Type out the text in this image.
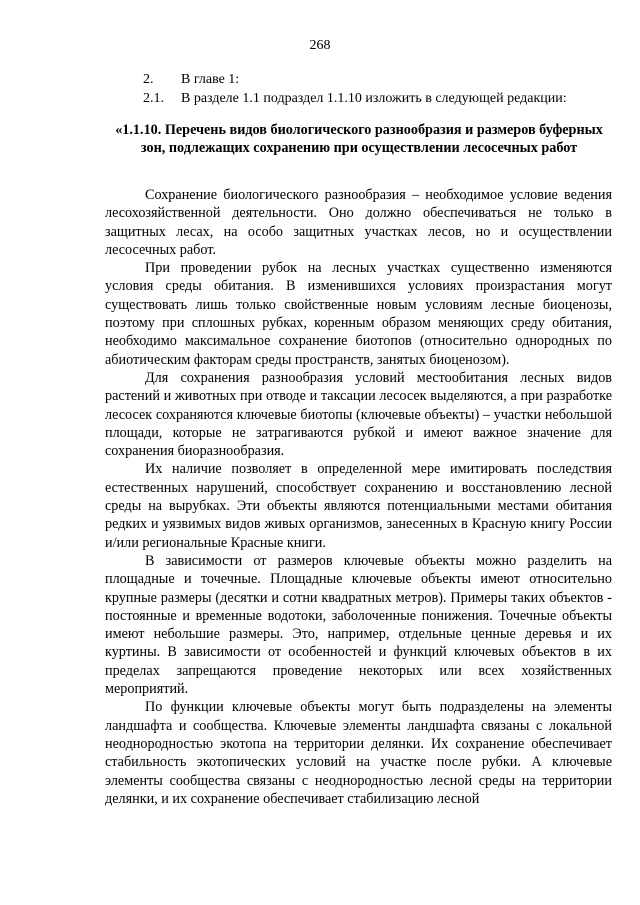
268
2. В главе 1:
2.1. В разделе 1.1 подраздел 1.1.10 изложить в следующей редакции:
«1.1.10. Перечень видов биологического разнообразия и размеров буферных зон, подлежащих сохранению при осуществлении лесосечных работ

Сохранение биологического разнообразия – необходимое условие ведения лесохозяйственной деятельности. Оно должно обеспечиваться не только в защитных лесах, на особо защитных участках лесов, но и осуществлении лесосечных работ.

При проведении рубок на лесных участках существенно изменяются условия среды обитания. В изменившихся условиях произрастания могут существовать лишь только свойственные новым условиям лесные биоценозы, поэтому при сплошных рубках, коренным образом меняющих среду обитания, необходимо максимальное сохранение биотопов (относительно однородных по абиотическим факторам среды пространств, занятых биоценозом).

Для сохранения разнообразия условий местообитания лесных видов растений и животных при отводе и таксации лесосек выделяются, а при разработке лесосек сохраняются ключевые биотопы (ключевые объекты) – участки небольшой площади, которые не затрагиваются рубкой и имеют важное значение для сохранения биоразнообразия.

Их наличие позволяет в определенной мере имитировать последствия естественных нарушений, способствует сохранению и восстановлению лесной среды на вырубках. Эти объекты являются потенциальными местами обитания редких и уязвимых видов живых организмов, занесенных в Красную книгу России и/или региональные Красные книги.

В зависимости от размеров ключевые объекты можно разделить на площадные и точечные. Площадные ключевые объекты имеют относительно крупные размеры (десятки и сотни квадратных метров). Примеры таких объектов - постоянные и временные водотоки, заболоченные понижения. Точечные объекты имеют небольшие размеры. Это, например, отдельные ценные деревья и их куртины. В зависимости от особенностей и функций ключевых объектов в их пределах запрещаются проведение некоторых или всех хозяйственных мероприятий.

По функции ключевые объекты могут быть подразделены на элементы ландшафта и сообщества. Ключевые элементы ландшафта связаны с локальной неоднородностью экотопа на территории делянки. Их сохранение обеспечивает стабильность экотопических условий на участке после рубки. А ключевые элементы сообщества связаны с неоднородностью лесной среды на территории делянки, и их сохранение обеспечивает стабилизацию лесной
